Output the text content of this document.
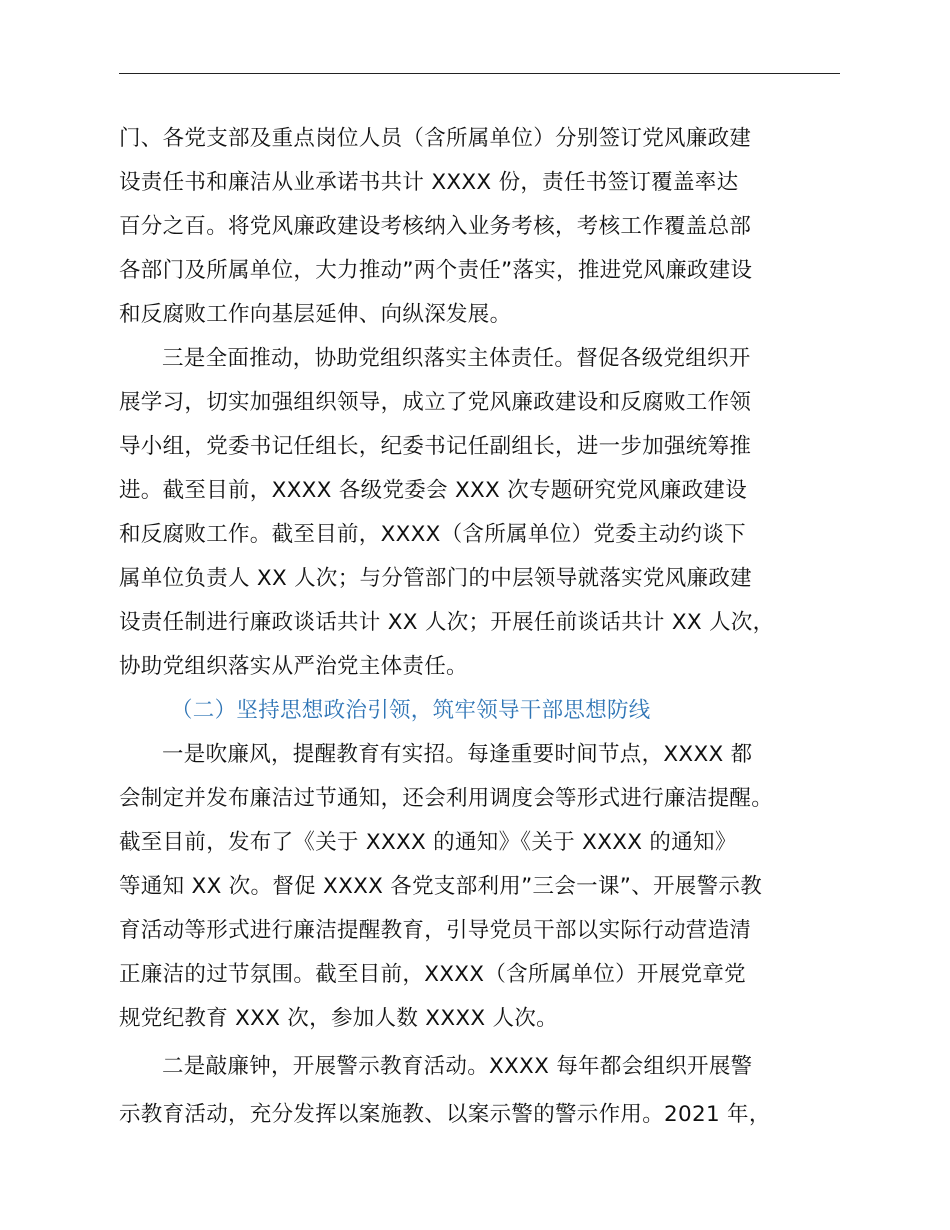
门、各党支部及重点岗位人员（含所属单位）分别签订党风廉政建
设责任书和廉洁从业承诺书共计 XXXX 份，责任书签订覆盖率达
百分之百。将党风廉政建设考核纳入业务考核，考核工作覆盖总部
各部门及所属单位，大力推动”两个责任”落实，推进党风廉政建设
和反腐败工作向基层延伸、向纵深发展。
三是全面推动，协助党组织落实主体责任。督促各级党组织开
展学习，切实加强组织领导，成立了党风廉政建设和反腐败工作领
导小组，党委书记任组长，纪委书记任副组长，进一步加强统筹推
进。截至目前，XXXX 各级党委会 XXX 次专题研究党风廉政建设
和反腐败工作。截至目前，XXXX（含所属单位）党委主动约谈下
属单位负责人 XX 人次；与分管部门的中层领导就落实党风廉政建
设责任制进行廉政谈话共计 XX 人次；开展任前谈话共计 XX 人次，
协助党组织落实从严治党主体责任。
（二）坚持思想政治引领，筑牢领导干部思想防线
一是吹廉风，提醒教育有实招。每逢重要时间节点，XXXX 都
会制定并发布廉洁过节通知，还会利用调度会等形式进行廉洁提醒。
截至目前，发布了《关于 XXXX 的通知》《关于 XXXX 的通知》
等通知 XX 次。督促 XXXX 各党支部利用”三会一课”、开展警示教
育活动等形式进行廉洁提醒教育，引导党员干部以实际行动营造清
正廉洁的过节氛围。截至目前，XXXX（含所属单位）开展党章党
规党纪教育 XXX 次，参加人数 XXXX 人次。
二是敲廉钟，开展警示教育活动。XXXX 每年都会组织开展警
示教育活动，充分发挥以案施教、以案示警的警示作用。2021 年，
